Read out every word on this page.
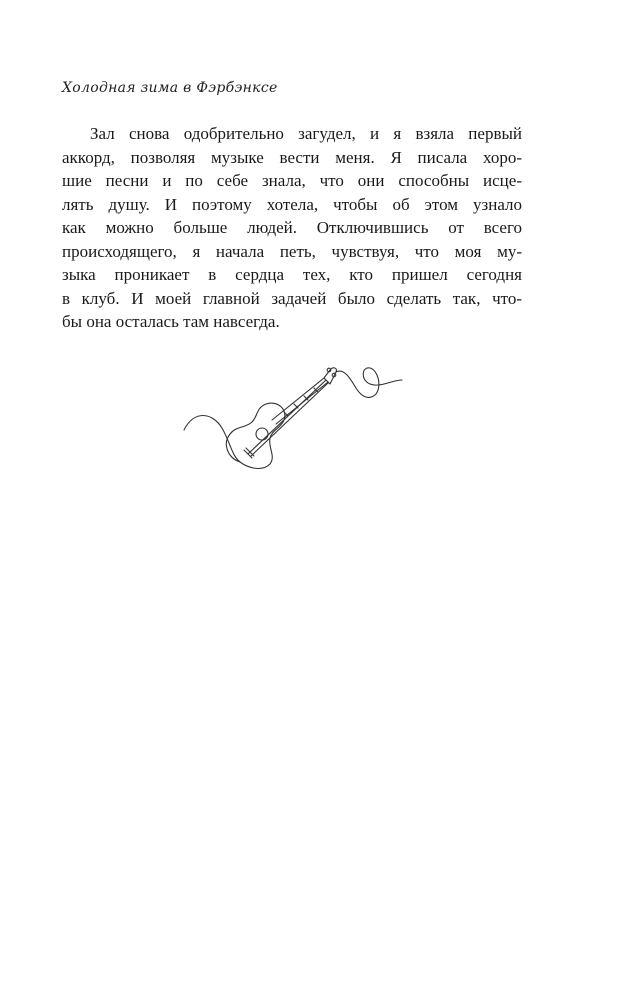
Холодная зима в Фэрбэнксе
Зал снова одобрительно загудел, и я взяла первый
аккорд, позволяя музыке вести меня. Я писала хоро-
шие песни и по себе знала, что они способны исце-
лять душу. И поэтому хотела, чтобы об этом узнало
как можно больше людей. Отключившись от всего
происходящего, я начала петь, чувствуя, что моя му-
зыка проникает в сердца тех, кто пришел сегодня
в клуб. И моей главной задачей было сделать так, что-
бы она осталась там навсегда.
